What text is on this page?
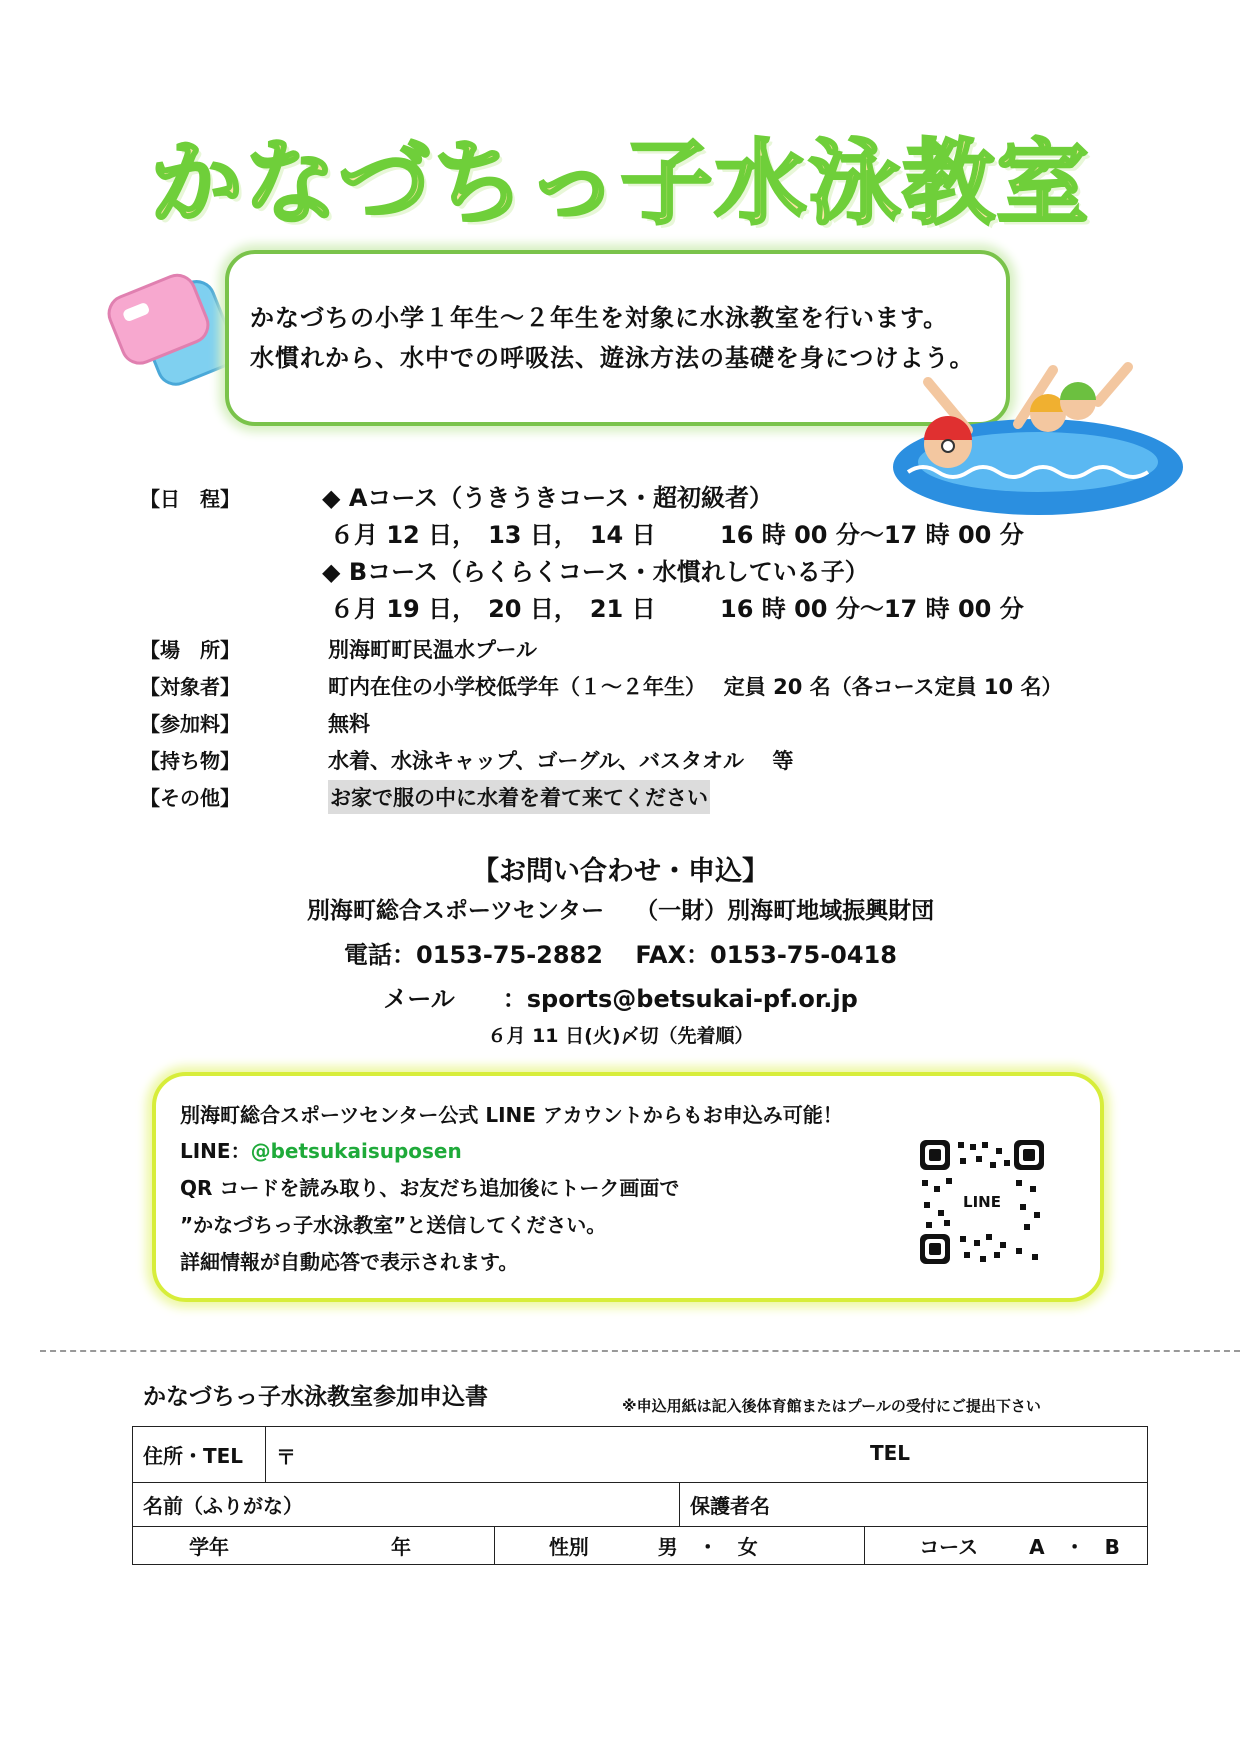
かなづちっ子水泳教室
かなづちの小学１年生～２年生を対象に水泳教室を行います。
水慣れから、水中での呼吸法、遊泳方法の基礎を身につけよう。
【日　程】	◆ Aコース（うきうきコース・超初級者）
６月 12 日，　13 日，　14 日	16 時 00 分～17 時 00 分
◆ Bコース（らくらくコース・水慣れしている子）
６月 19 日，　20 日，　21 日	16 時 00 分～17 時 00 分
【場　所】	別海町町民温水プール
【対象者】	町内在住の小学校低学年（１～２年生）　 定員 20 名（各コース定員 10 名）
【参加料】	無料
【持ち物】	水着、水泳キャップ、ゴーグル、バスタオル　 等
【その他】	お家で服の中に水着を着て来てください
【お問い合わせ・申込】
別海町総合スポーツセンター　 （一財）別海町地域振興財団
電話：0153-75-2882　 FAX：0153-75-0418
メール　　：sports@betsukai-pf.or.jp
６月 11 日(火)〆切（先着順）
別海町総合スポーツセンター公式 LINE アカウントからもお申込み可能！
LINE：@betsukaisuposen
QR コードを読み取り、お友だち追加後にトーク画面で
”かなづちっ子水泳教室”と送信してください。
詳細情報が自動応答で表示されます。
LINE
かなづちっ子水泳教室参加申込書	※申込用紙は記入後体育館またはプールの受付にご提出下さい
住所・TEL	〒 TEL			

名前（ふりがな）			保護者名	
学年 年		性別 男　・　女		コース A　・　B
